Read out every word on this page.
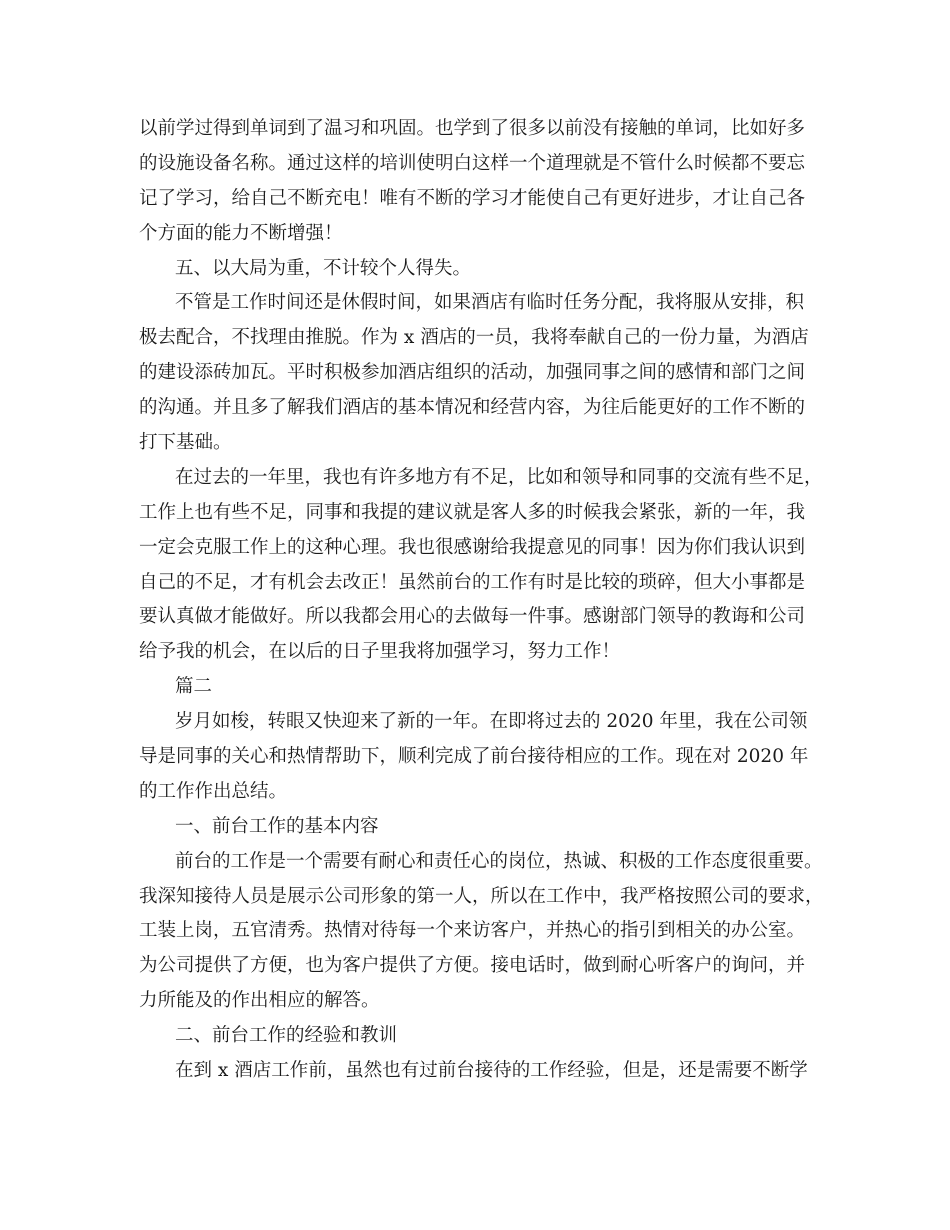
以前学过得到单词到了温习和巩固。也学到了很多以前没有接触的单词，比如好多
的设施设备名称。通过这样的培训使明白这样一个道理就是不管什么时候都不要忘
记了学习，给自己不断充电！唯有不断的学习才能使自己有更好进步，才让自己各
个方面的能力不断增强！
五、以大局为重，不计较个人得失。
不管是工作时间还是休假时间，如果酒店有临时任务分配，我将服从安排，积
极去配合，不找理由推脱。作为 x 酒店的一员，我将奉献自己的一份力量，为酒店
的建设添砖加瓦。平时积极参加酒店组织的活动，加强同事之间的感情和部门之间
的沟通。并且多了解我们酒店的基本情况和经营内容，为往后能更好的工作不断的
打下基础。
在过去的一年里，我也有许多地方有不足，比如和领导和同事的交流有些不足，
工作上也有些不足，同事和我提的建议就是客人多的时候我会紧张，新的一年，我
一定会克服工作上的这种心理。我也很感谢给我提意见的同事！因为你们我认识到
自己的不足，才有机会去改正！虽然前台的工作有时是比较的琐碎，但大小事都是
要认真做才能做好。所以我都会用心的去做每一件事。感谢部门领导的教诲和公司
给予我的机会，在以后的日子里我将加强学习，努力工作！
篇二
岁月如梭，转眼又快迎来了新的一年。在即将过去的 2020 年里，我在公司领
导是同事的关心和热情帮助下，顺利完成了前台接待相应的工作。现在对 2020 年
的工作作出总结。
一、前台工作的基本内容
前台的工作是一个需要有耐心和责任心的岗位，热诚、积极的工作态度很重要。
我深知接待人员是展示公司形象的第一人，所以在工作中，我严格按照公司的要求，
工装上岗，五官清秀。热情对待每一个来访客户，并热心的指引到相关的办公室。
为公司提供了方便，也为客户提供了方便。接电话时，做到耐心听客户的询问，并
力所能及的作出相应的解答。
二、前台工作的经验和教训
在到 x 酒店工作前，虽然也有过前台接待的工作经验，但是，还是需要不断学
